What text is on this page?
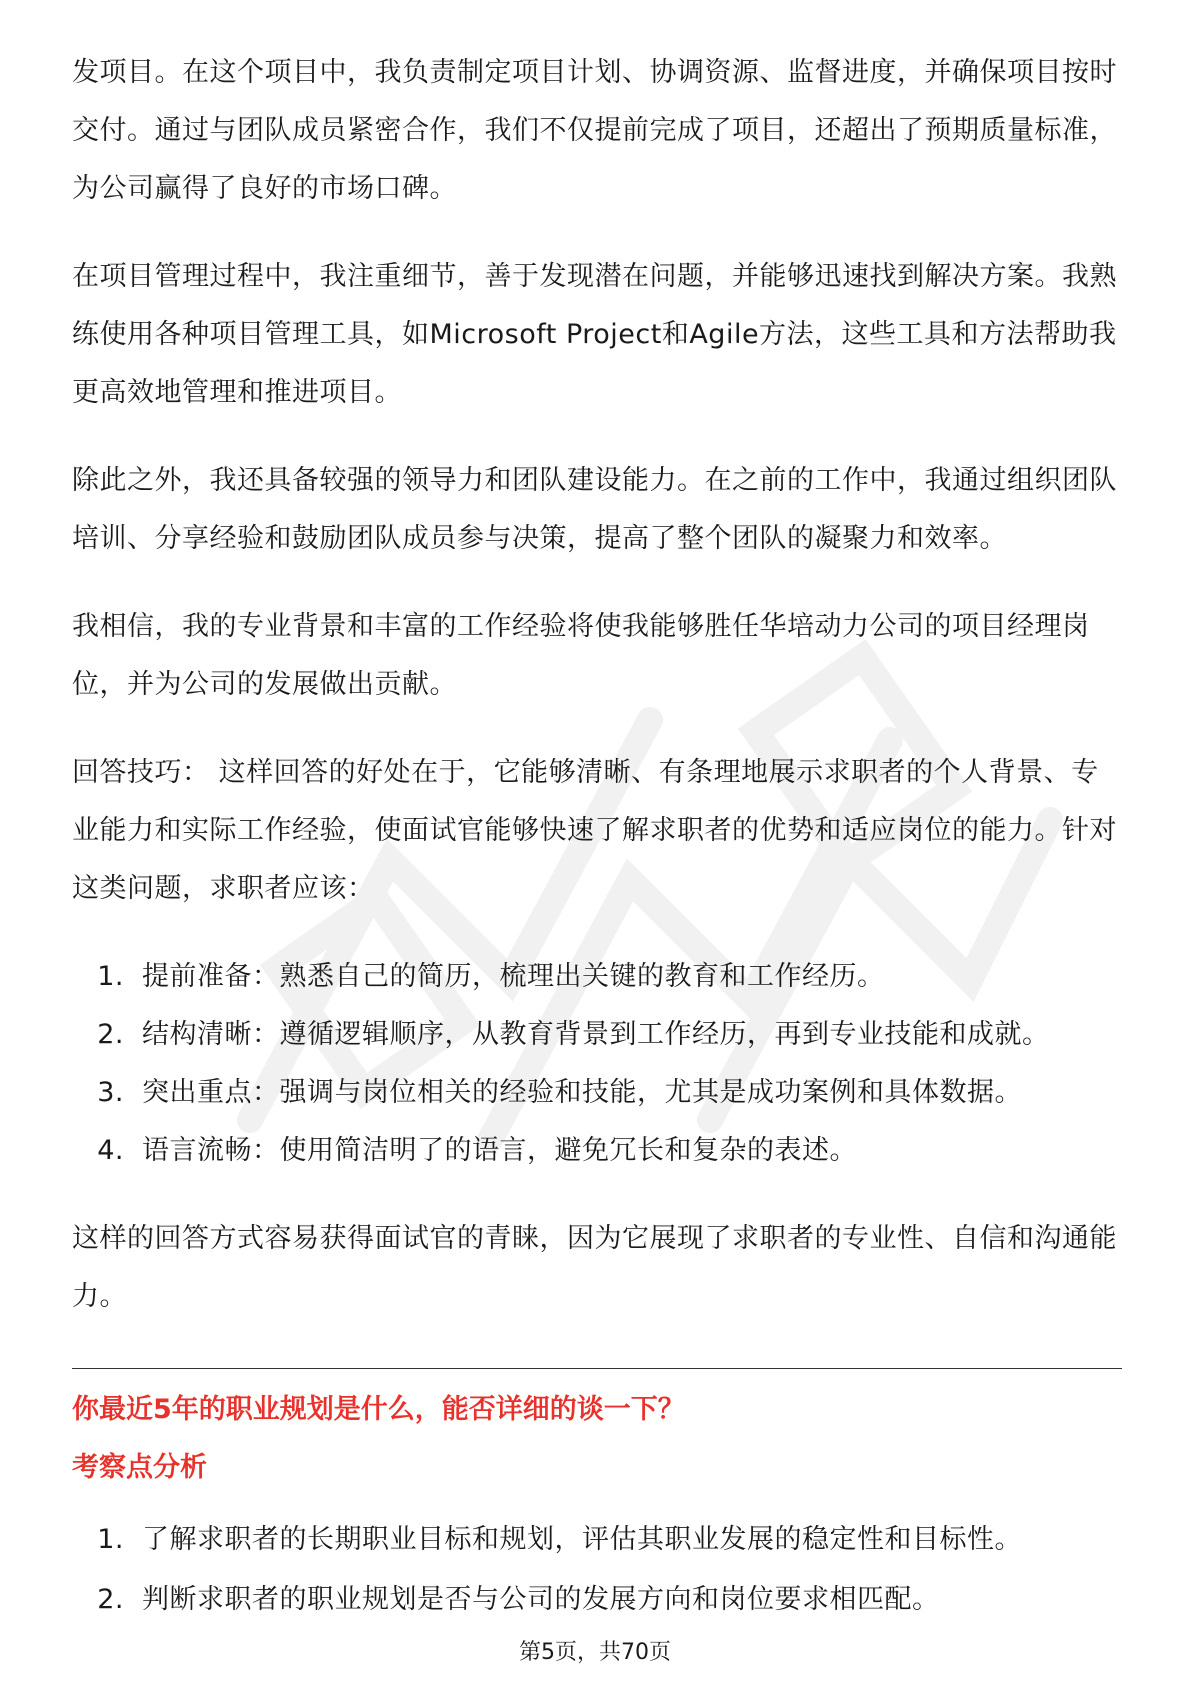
发项目。在这个项目中，我负责制定项目计划、协调资源、监督进度，并确保项目按时交付。通过与团队成员紧密合作，我们不仅提前完成了项目，还超出了预期质量标准，为公司赢得了良好的市场口碑。

在项目管理过程中，我注重细节，善于发现潜在问题，并能够迅速找到解决方案。我熟练使用各种项目管理工具，如Microsoft Project和Agile方法，这些工具和方法帮助我更高效地管理和推进项目。

除此之外，我还具备较强的领导力和团队建设能力。在之前的工作中，我通过组织团队培训、分享经验和鼓励团队成员参与决策，提高了整个团队的凝聚力和效率。

我相信，我的专业背景和丰富的工作经验将使我能够胜任华培动力公司的项目经理岗位，并为公司的发展做出贡献。

回答技巧： 这样回答的好处在于，它能够清晰、有条理地展示求职者的个人背景、专业能力和实际工作经验，使面试官能够快速了解求职者的优势和适应岗位的能力。针对这类问题，求职者应该：

1. 提前准备：熟悉自己的简历，梳理出关键的教育和工作经历。
2. 结构清晰：遵循逻辑顺序，从教育背景到工作经历，再到专业技能和成就。
3. 突出重点：强调与岗位相关的经验和技能，尤其是成功案例和具体数据。
4. 语言流畅：使用简洁明了的语言，避免冗长和复杂的表述。

这样的回答方式容易获得面试官的青睐，因为它展现了求职者的专业性、自信和沟通能力。

你最近5年的职业规划是什么，能否详细的谈一下？
考察点分析
1. 了解求职者的长期职业目标和规划，评估其职业发展的稳定性和目标性。
2. 判断求职者的职业规划是否与公司的发展方向和岗位要求相匹配。
第5页，共70页
